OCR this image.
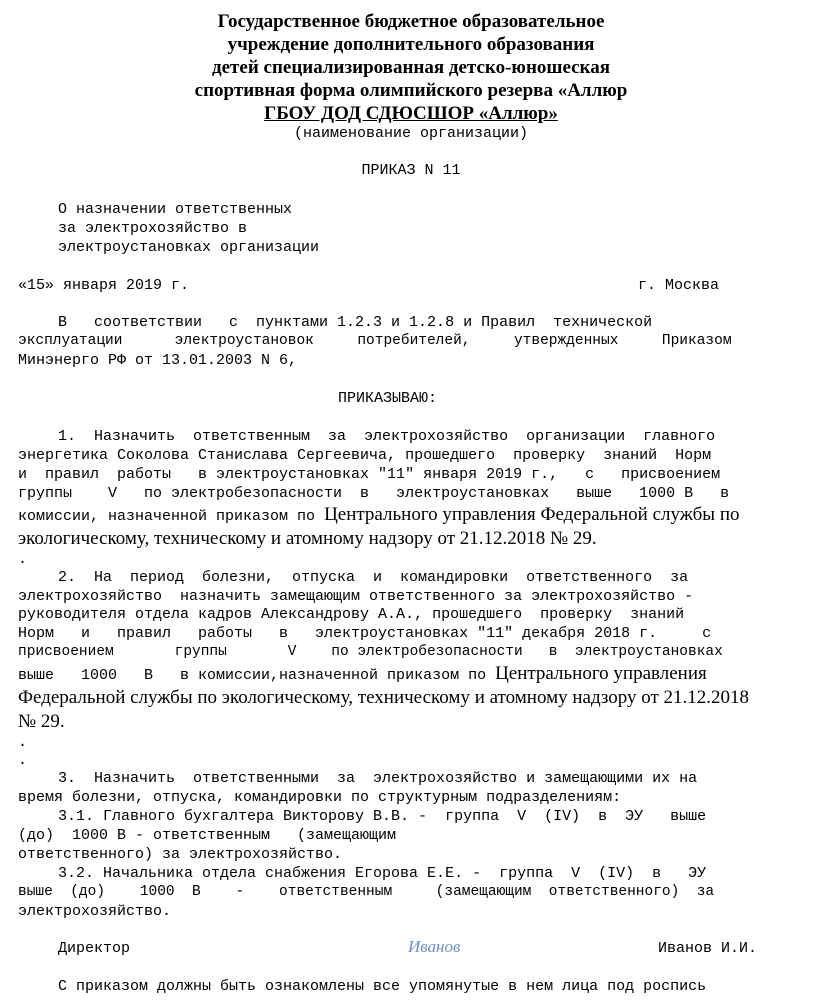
Государственное бюджетное образовательное
учреждение дополнительного образования
детей специализированная детско-юношеская
спортивная форма олимпийского резерва «Аллюр
ГБОУ ДОД СДЮСШОР «Аллюр»
(наименование организации)
ПРИКАЗ N 11
О назначении ответственных
за электрохозяйство в
электроустановках организации
«15» января 2019 г.	г. Москва
В   соответствии   с  пунктами 1.2.3 и 1.2.8 и Правил  технической
эксплуатации      электроустановок     потребителей,     утвержденных     Приказом
Минэнерго РФ от 13.01.2003 N 6,
ПРИКАЗЫВАЮ:
1.  Назначить  ответственным  за  электрохозяйство  организации  главного
энергетика Соколова Станислава Сергеевича, прошедшего  проверку  знаний  Норм
и  правил  работы   в электроустановках "11" января 2019 г.,   с   присвоением
группы    V   по электробезопасности  в   электроустановках   выше   1000 В   в
комиссии, назначенной приказом по Центрального управления Федеральной службы по
экологическому, техническому и атомному надзору от 21.12.2018 № 29.
.
2.  На  период  болезни,  отпуска  и  командировки  ответственного  за
электрохозяйство  назначить замещающим ответственного за электрохозяйство -
руководителя отдела кадров Александрову А.А., прошедшего  проверку  знаний
Норм   и   правил   работы   в   электроустановках "11" декабря 2018 г.     с
присвоением       группы       V    по электробезопасности   в  электроустановках
выше   1000   В   в комиссии,назначенной приказом по Центрального управления
Федеральной службы по экологическому, техническому и атомному надзору от 21.12.2018
№ 29.
.
.
3.  Назначить  ответственными  за  электрохозяйство и замещающими их на
время болезни, отпуска, командировки по структурным подразделениям:
3.1. Главного бухгалтера Викторову В.В. -  группа  V  (IV)  в  ЭУ   выше
(до)  1000 В - ответственным   (замещающим
ответственного) за электрохозяйство.
3.2. Начальника отдела снабжения Егорова Е.Е. -  группа  V  (IV)  в   ЭУ
выше  (до)    1000  В    -    ответственным     (замещающим  ответственного)  за
электрохозяйство.
Директор	Иванов	Иванов И.И.
С приказом должны быть ознакомлены все упомянутые в нем лица под роспись
